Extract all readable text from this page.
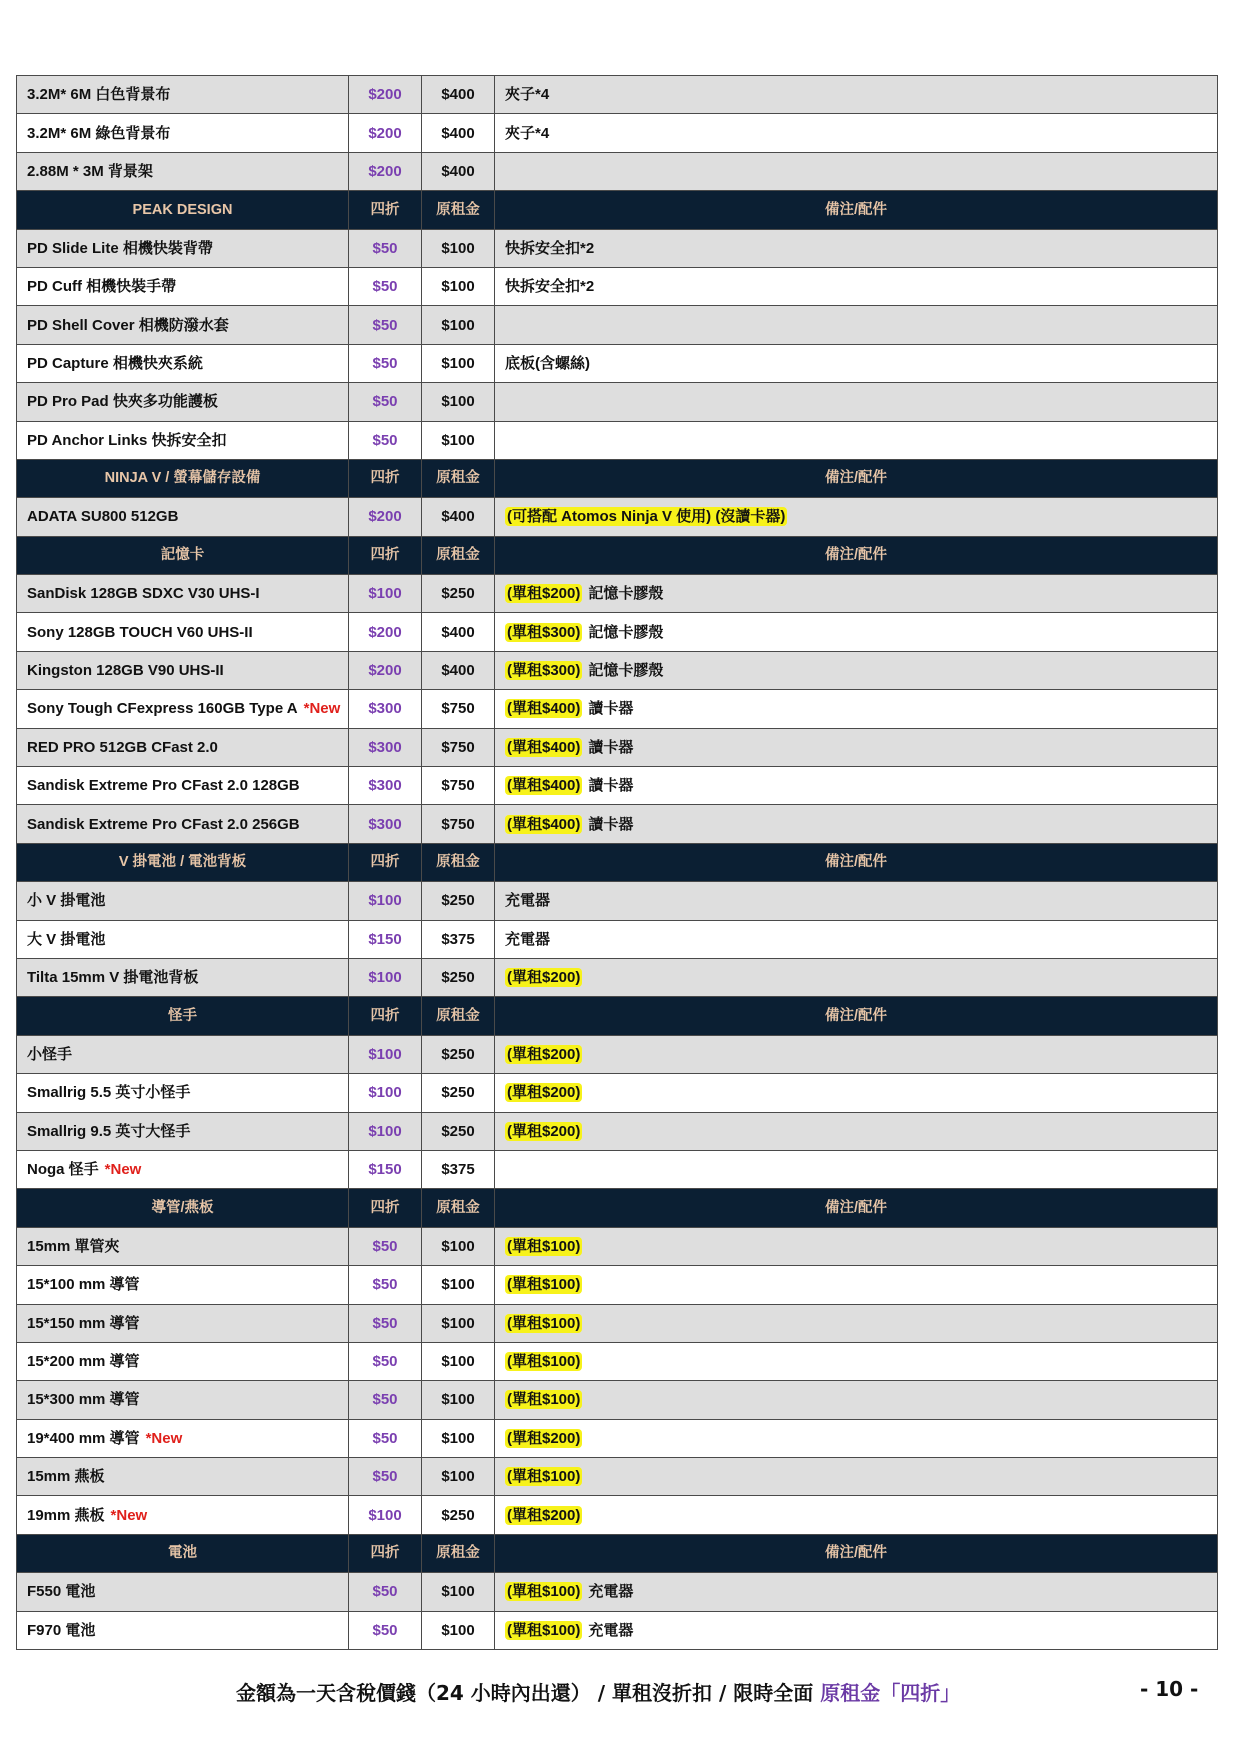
3.2M* 6M 白色背景布	$200	$400	夾子*4
3.2M* 6M 綠色背景布	$200	$400	夾子*4
2.88M * 3M 背景架	$200	$400	
PEAK DESIGN	四折	原租金	備注/配件
PD Slide Lite 相機快裝背帶	$50	$100	快拆安全扣*2
PD Cuff 相機快裝手帶	$50	$100	快拆安全扣*2
PD Shell Cover 相機防潑水套	$50	$100	
PD Capture 相機快夾系統	$50	$100	底板(含螺絲)
PD Pro Pad 快夾多功能護板	$50	$100	
PD Anchor Links 快拆安全扣	$50	$100	
NINJA V / 螢幕儲存設備	四折	原租金	備注/配件
ADATA SU800 512GB	$200	$400	(可搭配 Atomos Ninja V 使用) (沒讀卡器)
記憶卡	四折	原租金	備注/配件
SanDisk 128GB SDXC V30 UHS-I	$100	$250	(單租$200) 記憶卡膠殼
Sony 128GB TOUCH V60 UHS-II	$200	$400	(單租$300) 記憶卡膠殼
Kingston 128GB V90 UHS-II	$200	$400	(單租$300) 記憶卡膠殼
Sony Tough CFexpress 160GB Type A *New	$300	$750	(單租$400) 讀卡器
RED PRO 512GB CFast 2.0	$300	$750	(單租$400) 讀卡器
Sandisk Extreme Pro CFast 2.0 128GB	$300	$750	(單租$400) 讀卡器
Sandisk Extreme Pro CFast 2.0 256GB	$300	$750	(單租$400) 讀卡器
V 掛電池 / 電池背板	四折	原租金	備注/配件
小 V 掛電池	$100	$250	充電器
大 V 掛電池	$150	$375	充電器
Tilta 15mm V 掛電池背板	$100	$250	(單租$200)
怪手	四折	原租金	備注/配件
小怪手	$100	$250	(單租$200)
Smallrig 5.5 英寸小怪手	$100	$250	(單租$200)
Smallrig 9.5 英寸大怪手	$100	$250	(單租$200)
Noga 怪手 *New	$150	$375	
導管/燕板	四折	原租金	備注/配件
15mm 單管夾	$50	$100	(單租$100)
15*100 mm 導管	$50	$100	(單租$100)
15*150 mm 導管	$50	$100	(單租$100)
15*200 mm 導管	$50	$100	(單租$100)
15*300 mm 導管	$50	$100	(單租$100)
19*400 mm 導管 *New	$50	$100	(單租$200)
15mm 燕板	$50	$100	(單租$100)
19mm 燕板 *New	$100	$250	(單租$200)
電池	四折	原租金	備注/配件
F550 電池	$50	$100	(單租$100) 充電器
F970 電池	$50	$100	(單租$100) 充電器
金額為一天含稅價錢（24 小時內出還） / 單租沒折扣 / 限時全面 原租金「四折」	- 10 -
